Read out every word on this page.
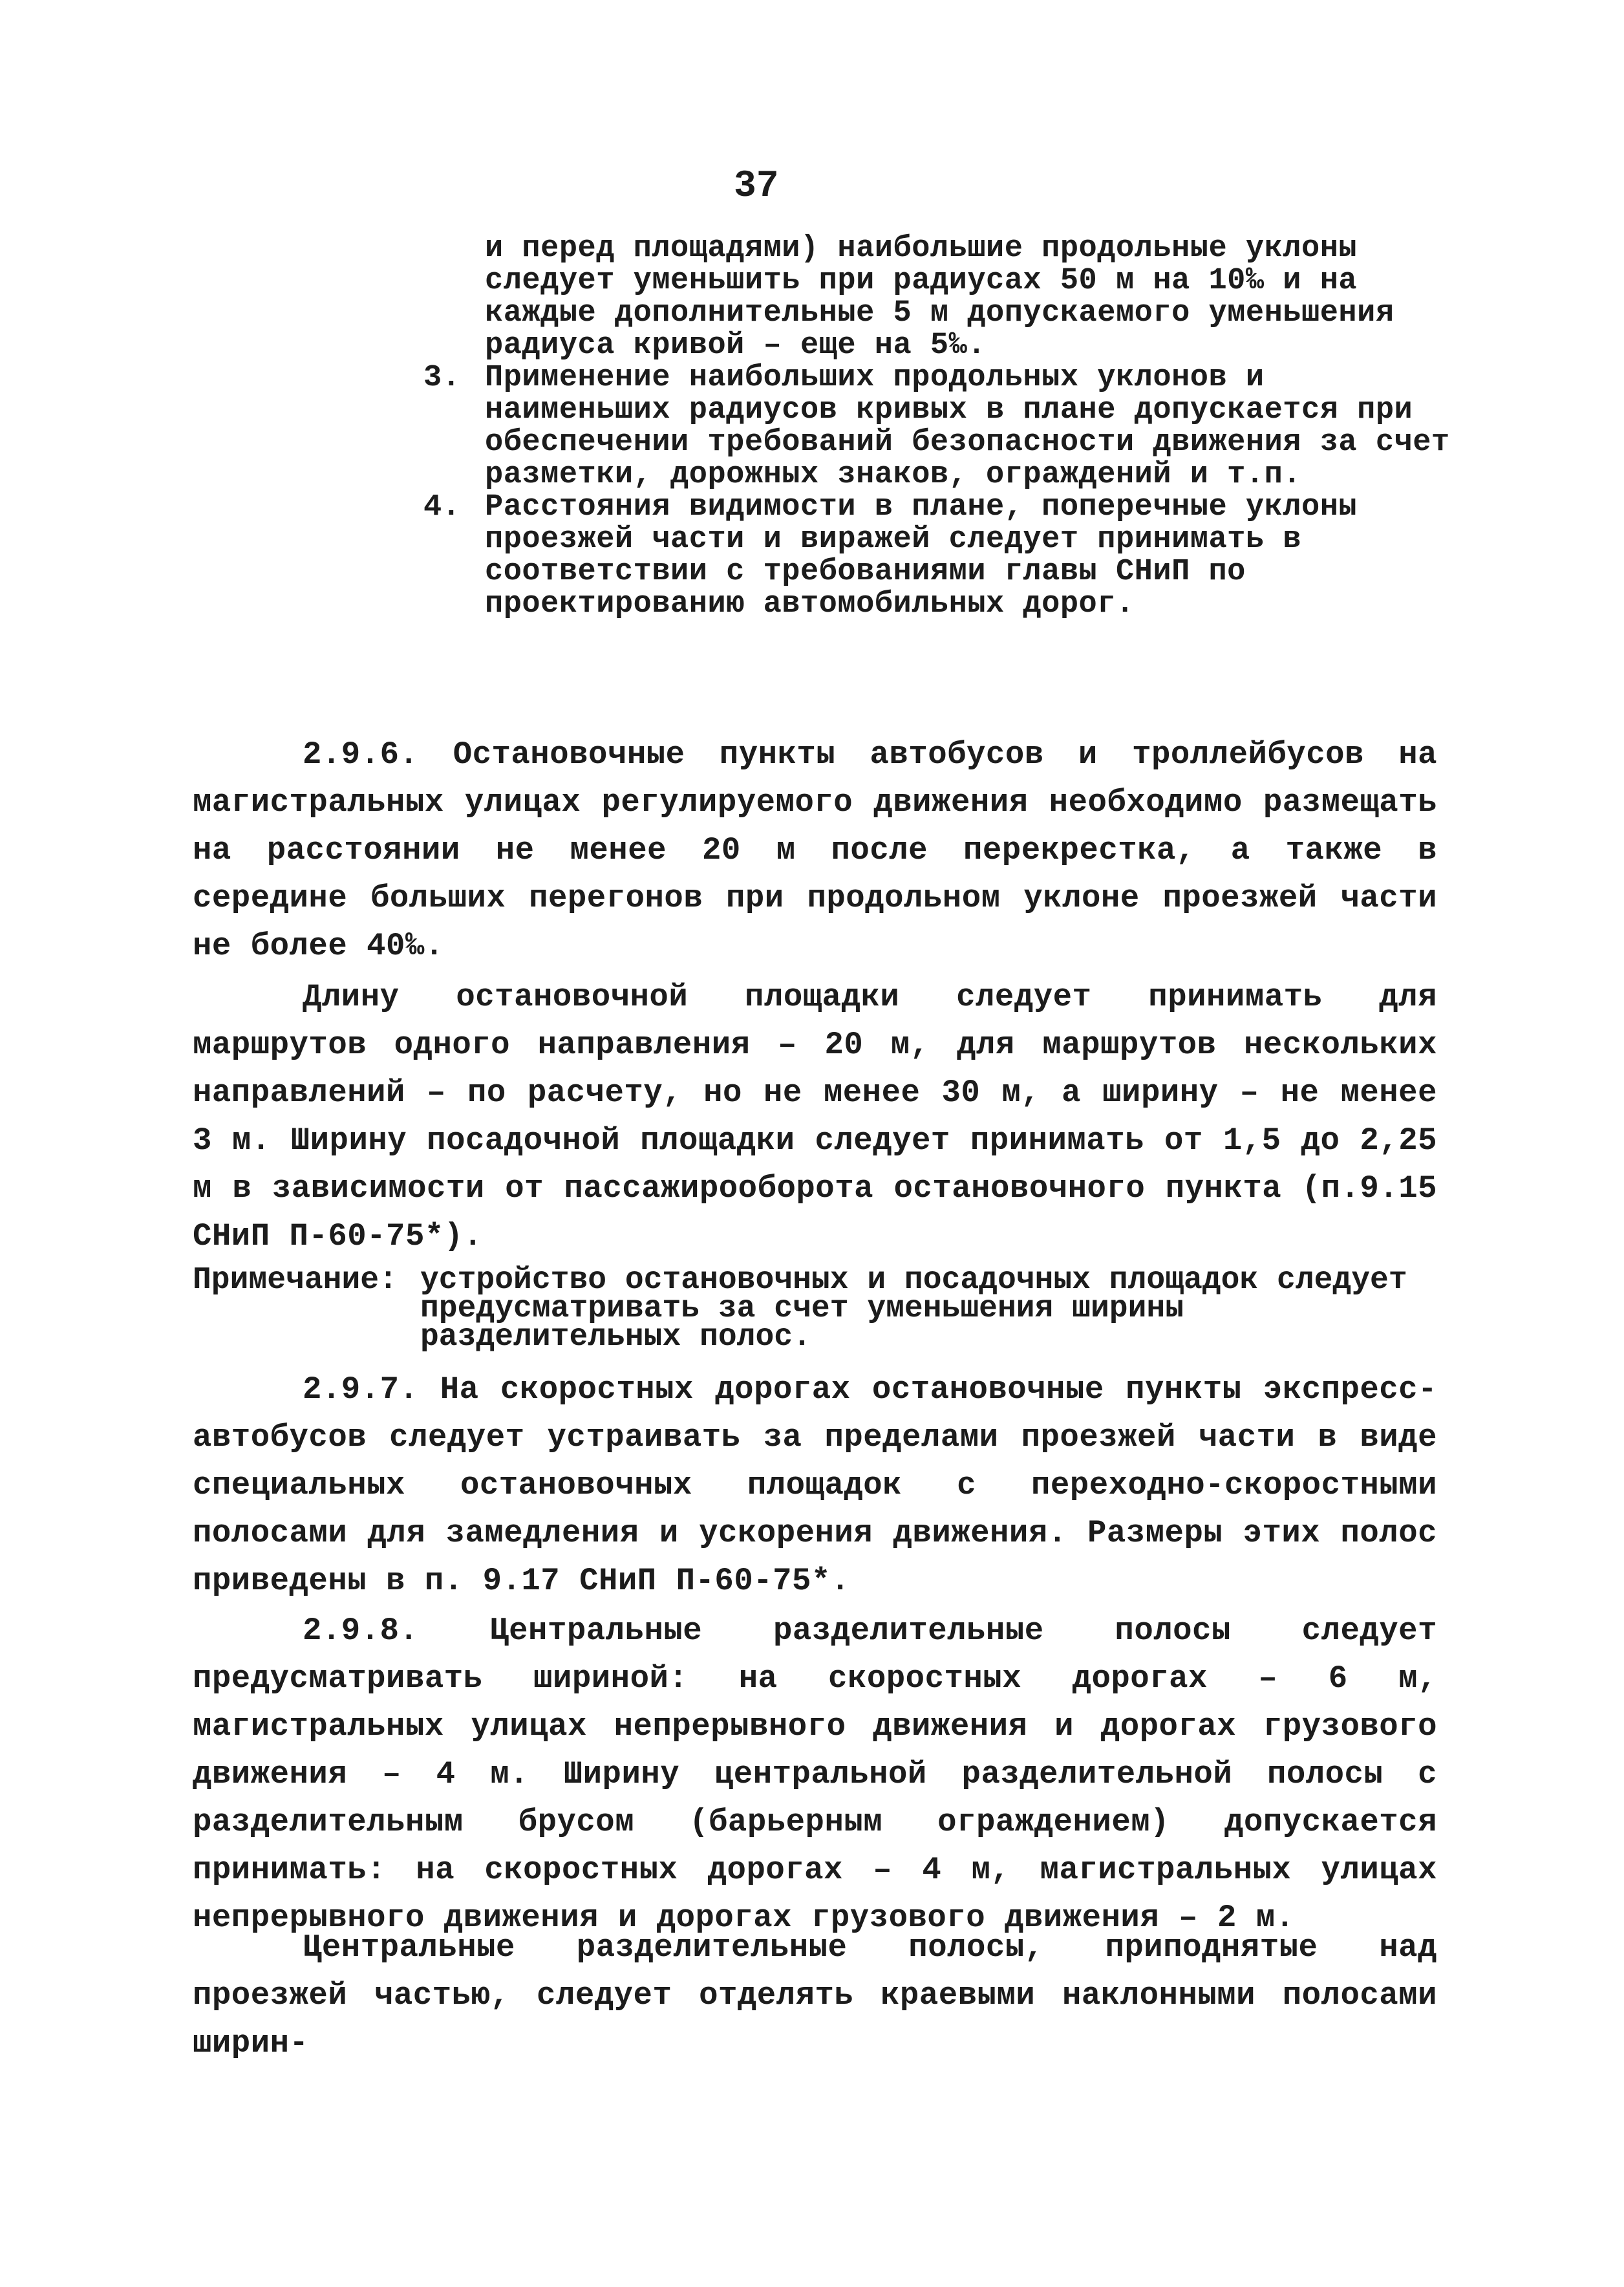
37

и перед площадями) наибольшие продольные уклоны следует уменьшить при радиусах 50 м на 10‰ и на каждые дополнительные 5 м допускаемого уменьшения радиуса кривой – еще на 5‰.

3. Применение наибольших продольных уклонов и наименьших радиусов кривых в плане допускается при обеспечении требований безопасности движения за счет разметки, дорожных знаков, ограждений и т.п.

4. Расстояния видимости в плане, поперечные уклоны проезжей части и виражей следует принимать в соответствии с требованиями главы СНиП по проектированию автомобильных дорог.

2.9.6. Остановочные пункты автобусов и троллейбусов на магистральных улицах регулируемого движения необходимо размещать на расстоянии не менее 20 м после перекрестка, а также в середине больших перегонов при продольном уклоне проезжей части не более 40‰.

Длину остановочной площадки следует принимать для маршрутов одного направления – 20 м, для маршрутов нескольких направлений – по расчету, но не менее 30 м, а ширину – не менее 3 м. Ширину посадочной площадки следует принимать от 1,5 до 2,25 м в зависимости от пассажирооборота остановочного пункта (п.9.15 СНиП П-60-75*).

Примечание: устройство остановочных и посадочных площадок следует предусматривать за счет уменьшения ширины разделительных полос.

2.9.7. На скоростных дорогах остановочные пункты экспресс-автобусов следует устраивать за пределами проезжей части в виде специальных остановочных площадок с переходно-скоростными полосами для замедления и ускорения движения. Размеры этих полос приведены в п. 9.17 СНиП П-60-75*.

2.9.8. Центральные разделительные полосы следует предусматривать шириной: на скоростных дорогах – 6 м, магистральных улицах непрерывного движения и дорогах грузового движения – 4 м. Ширину центральной разделительной полосы с разделительным брусом (барьерным ограждением) допускается принимать: на скоростных дорогах – 4 м, магистральных улицах непрерывного движения и дорогах грузового движения – 2 м.

Центральные разделительные полосы, приподнятые над проезжей частью, следует отделять краевыми наклонными полосами ширин-
